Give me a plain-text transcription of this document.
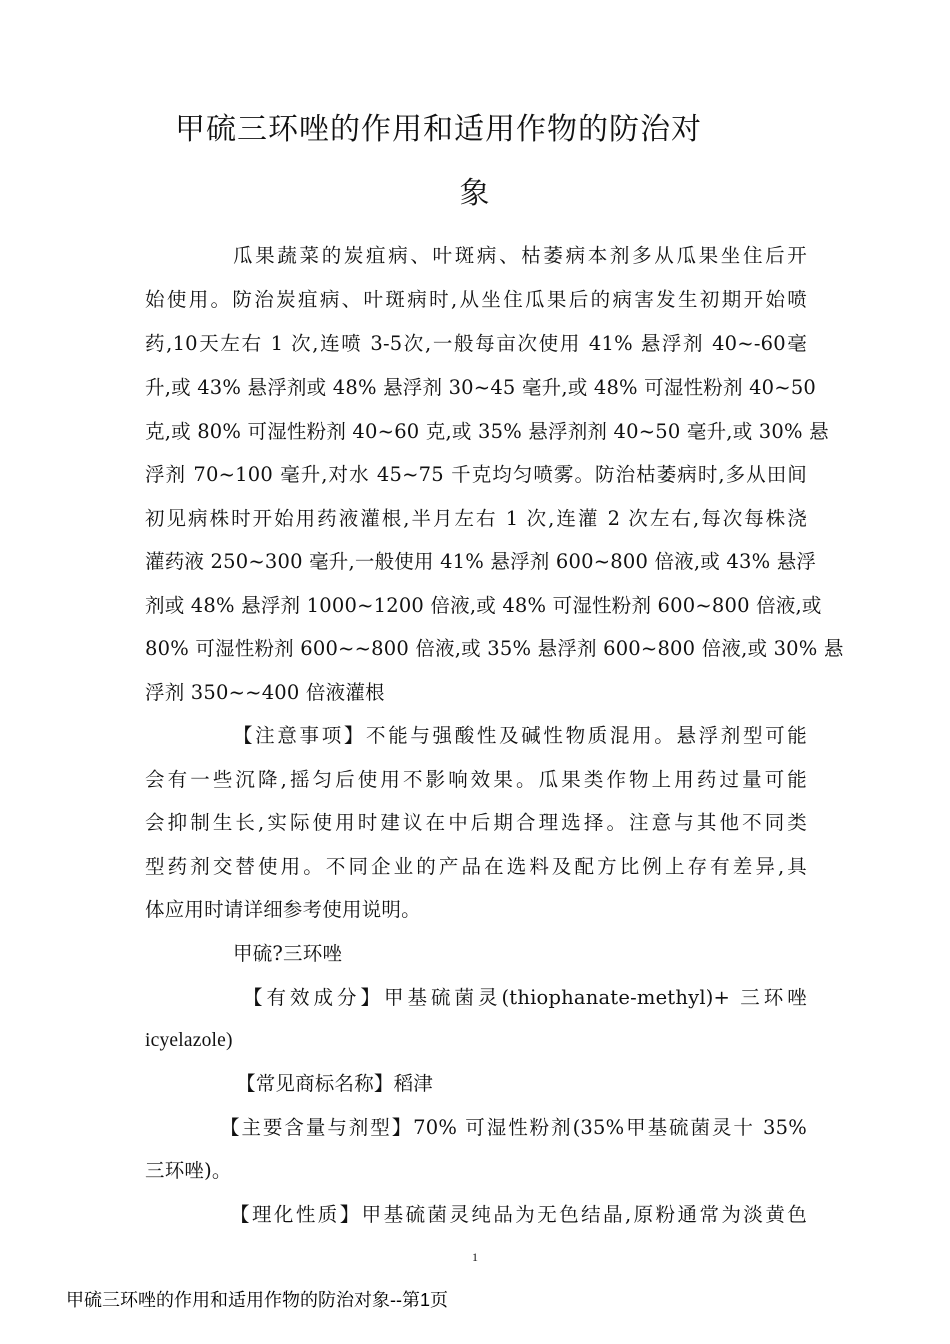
甲硫三环唑的作用和适用作物的防治对
象
瓜果蔬菜的炭疽病、叶斑病、枯萎病本剂多从瓜果坐住后开
始使用。防治炭疽病、叶斑病时,从坐住瓜果后的病害发生初期开始喷
药,10天左右 1 次,连喷 3-5次,一般每亩次使用 41% 悬浮剂 40~-60毫
升,或 43% 悬浮剂或 48% 悬浮剂 30~45 毫升,或 48% 可湿性粉剂 40~50
克,或 80% 可湿性粉剂 40~60 克,或 35% 悬浮剂剂 40~50 毫升,或 30% 悬
浮剂 70~100 毫升,对水 45~75 千克均匀喷雾。防治枯萎病时,多从田间
初见病株时开始用药液灌根,半月左右 1 次,连灌 2 次左右,每次每株浇
灌药液 250~300 毫升,一般使用 41% 悬浮剂 600~800 倍液,或 43% 悬浮
剂或 48% 悬浮剂 1000~1200 倍液,或 48% 可湿性粉剂 600~800 倍液,或
80% 可湿性粉剂 600~~800 倍液,或 35% 悬浮剂 600~800 倍液,或 30% 悬
浮剂 350~~400 倍液灌根
【注意事项】不能与强酸性及碱性物质混用。悬浮剂型可能
会有一些沉降,摇匀后使用不影响效果。瓜果类作物上用药过量可能
会抑制生长,实际使用时建议在中后期合理选择。注意与其他不同类
型药剂交替使用。不同企业的产品在选料及配方比例上存有差异,具
体应用时请详细参考使用说明。
甲硫?三环唑
【有效成分】甲基硫菌灵(thiophanate-methyl)+ 三环唑
icyelazole)
【常见商标名称】稻津
【主要含量与剂型】70% 可湿性粉剂(35%甲基硫菌灵十 35%
三环唑)。
【理化性质】甲基硫菌灵纯品为无色结晶,原粉通常为淡黄色
1
甲硫三环唑的作用和适用作物的防治对象--第1页
